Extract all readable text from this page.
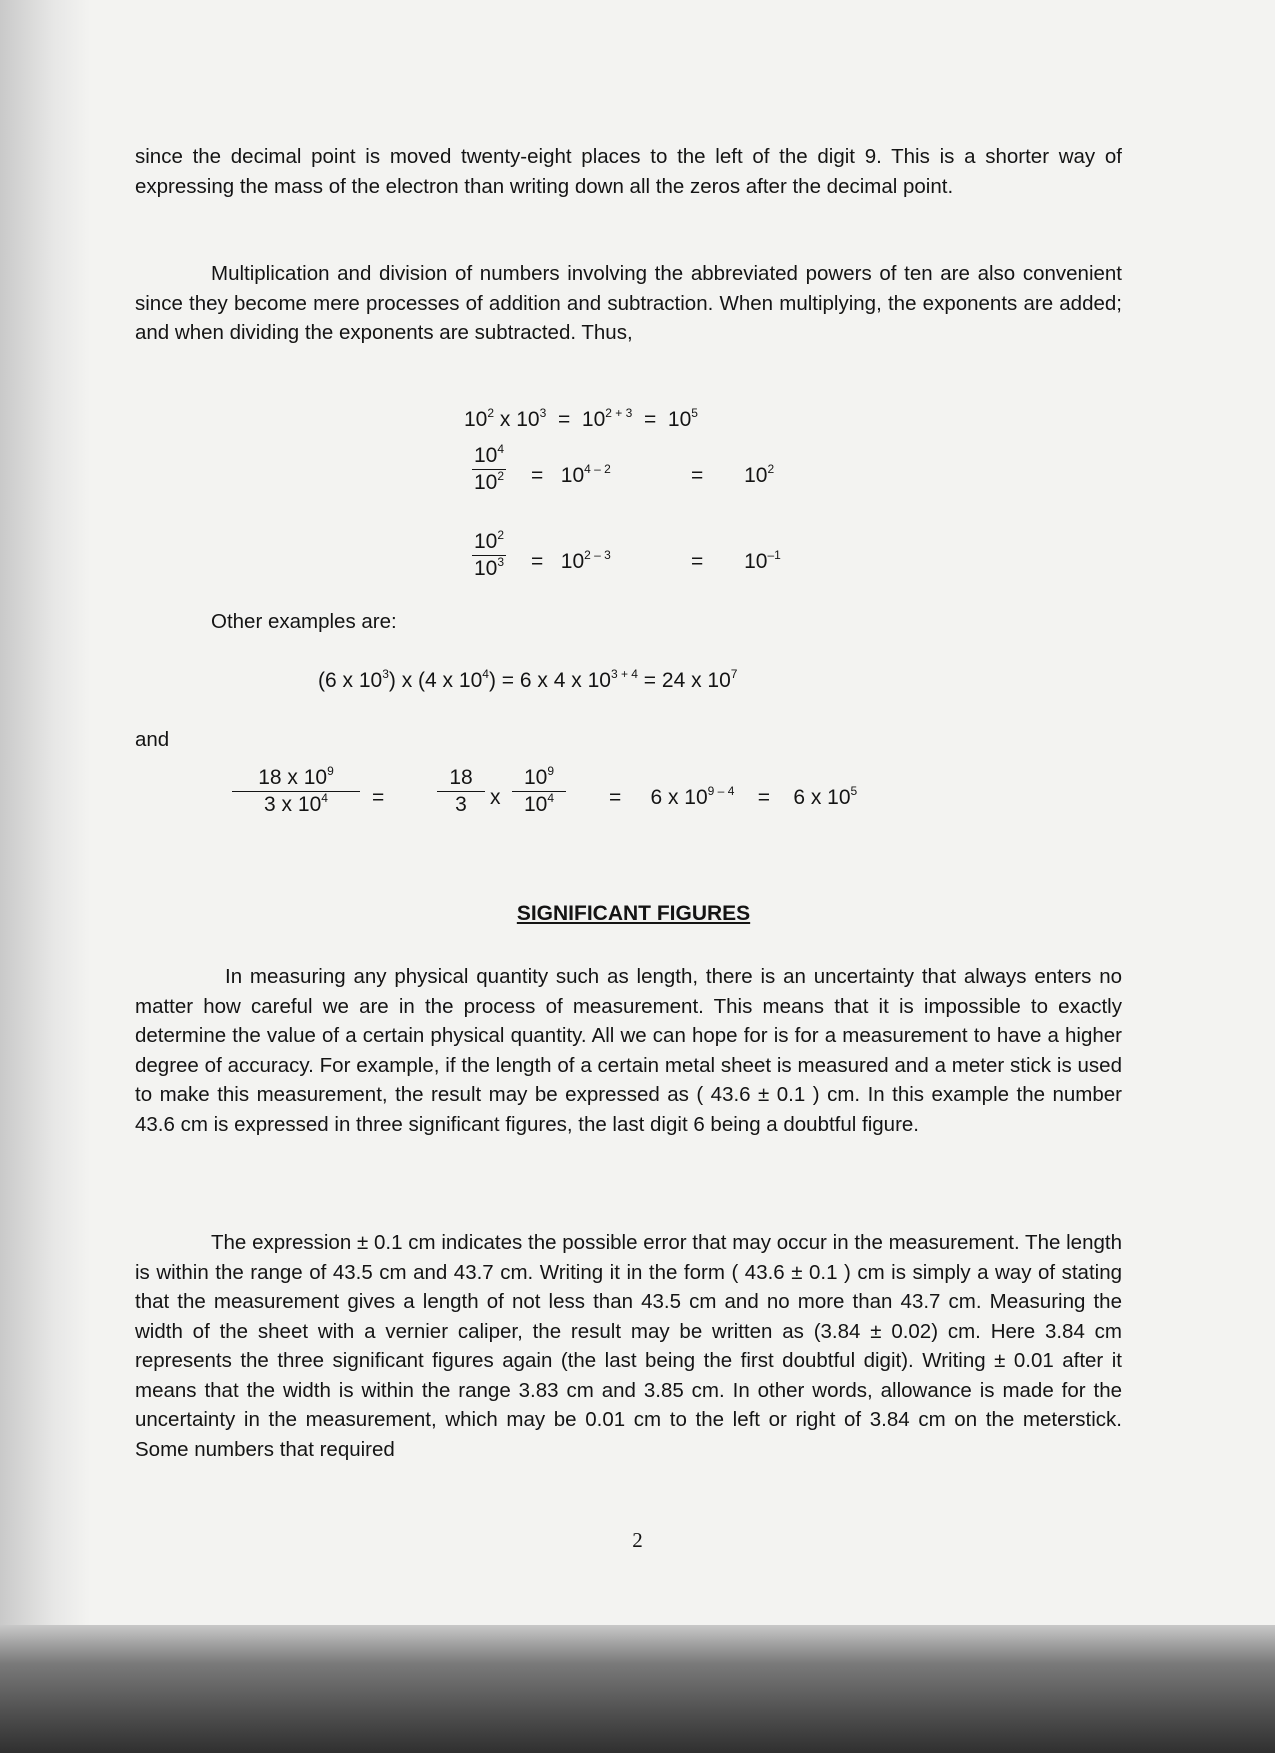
since the decimal point is moved twenty-eight places to the left of the digit 9. This is a shorter way of expressing the mass of the electron than writing down all the zeros after the decimal point.

Multiplication and division of numbers involving the abbreviated powers of ten are also convenient since they become mere processes of addition and subtraction. When multiplying, the exponents are added; and when dividing the exponents are subtracted. Thus,

$10^2$ x $10^3 = 10^{2 + 3} = 10^5$
$\frac{10^4}{10^2} = 10^{4 - 2}$	= $10^2$
$\frac{10^2}{10^3} = 10^{2 - 3}$	= $10^{-1}$

Other examples are:

(6 x $10^3$) x (4 x $10^4) = 6$ x 4 x $10^{3 + 4} = 24$ x $10^7$

and

$\frac{18 x 10^9}{3 x 10^4}$ =	$\frac{18}{3}$ x $\frac{10^9}{10^4} = 6$ x $10^{9 - 4} = 6$ x $10^5$
SIGNIFICANT FIGURES

In measuring any physical quantity such as length, there is an uncertainty that always enters no matter how careful we are in the process of measurement. This means that it is impossible to exactly determine the value of a certain physical quantity. All we can hope for is for a measurement to have a higher degree of accuracy. For example, if the length of a certain metal sheet is measured and a meter stick is used to make this measurement, the result may be expressed as ( 43.6 ± 0.1 ) cm. In this example the number 43.6 cm is expressed in three significant figures, the last digit 6 being a doubtful figure.

The expression ± 0.1 cm indicates the possible error that may occur in the measurement. The length is within the range of 43.5 cm and 43.7 cm. Writing it in the form ( 43.6 ± 0.1 ) cm is simply a way of stating that the measurement gives a length of not less than 43.5 cm and no more than 43.7 cm. Measuring the width of the sheet with a vernier caliper, the result may be written as (3.84 ± 0.02) cm. Here 3.84 cm represents the three significant figures again (the last being the first doubtful digit). Writing ± 0.01 after it means that the width is within the range 3.83 cm and 3.85 cm. In other words, allowance is made for the uncertainty in the measurement, which may be 0.01 cm to the left or right of 3.84 cm on the meterstick. Some numbers that required

2
